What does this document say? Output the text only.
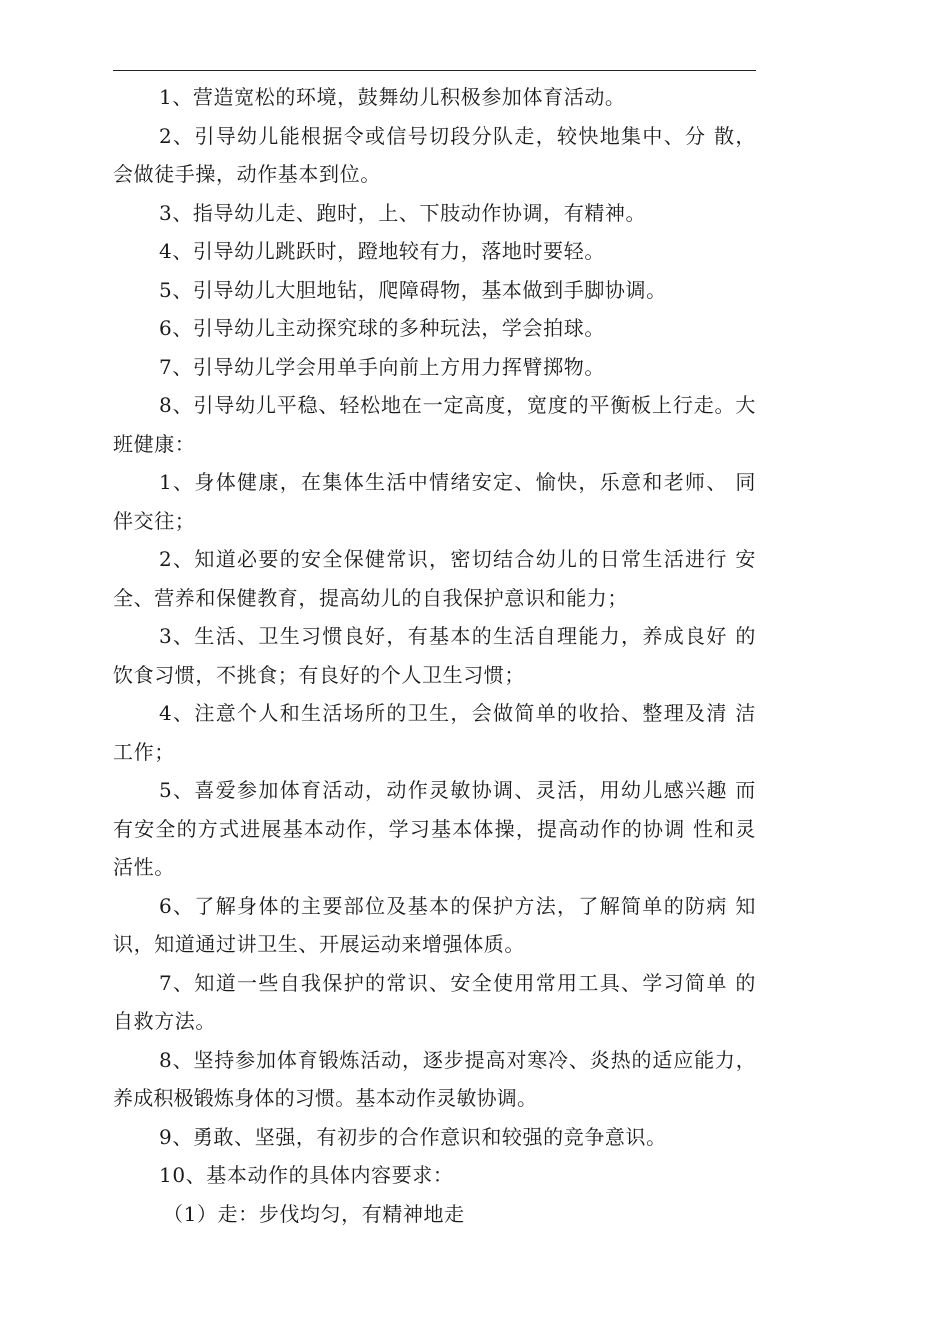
1、营造宽松的环境，鼓舞幼儿积极参加体育活动。

2、引导幼儿能根据令或信号切段分队走，较快地集中、分 散，会做徒手操，动作基本到位。

3、指导幼儿走、跑时，上、下肢动作协调，有精神。

4、引导幼儿跳跃时，蹬地较有力，落地时要轻。

5、引导幼儿大胆地钻，爬障碍物，基本做到手脚协调。

6、引导幼儿主动探究球的多种玩法，学会拍球。

7、引导幼儿学会用单手向前上方用力挥臂掷物。

8、引导幼儿平稳、轻松地在一定高度，宽度的平衡板上行走。大班健康：

1、身体健康，在集体生活中情绪安定、愉快，乐意和老师、 同伴交往；

2、知道必要的安全保健常识，密切结合幼儿的日常生活进行 安全、营养和保健教育，提高幼儿的自我保护意识和能力；

3、生活、卫生习惯良好，有基本的生活自理能力，养成良好 的饮食习惯，不挑食；有良好的个人卫生习惯；

4、注意个人和生活场所的卫生，会做简单的收拾、整理及清 洁工作；

5、喜爱参加体育活动，动作灵敏协调、灵活，用幼儿感兴趣 而有安全的方式进展基本动作，学习基本体操，提高动作的协调 性和灵活性。

6、了解身体的主要部位及基本的保护方法，了解简单的防病 知识，知道通过讲卫生、开展运动来增强体质。

7、知道一些自我保护的常识、安全使用常用工具、学习简单 的自救方法。

8、坚持参加体育锻炼活动，逐步提高对寒冷、炎热的适应能力，养成积极锻炼身体的习惯。基本动作灵敏协调。

9、勇敢、坚强，有初步的合作意识和较强的竞争意识。

10、基本动作的具体内容要求：

（1）走：步伐均匀，有精神地走
